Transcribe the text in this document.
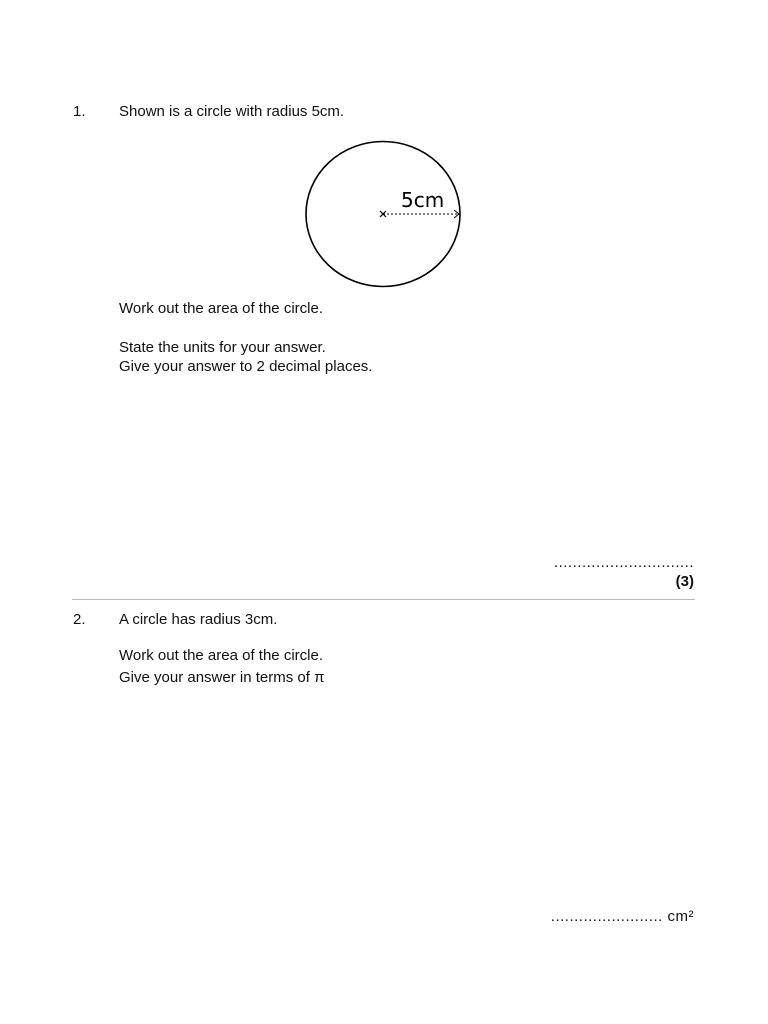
1. Shown is a circle with radius 5cm.
5cm
Work out the area of the circle.
State the units for your answer.
Give your answer to 2 decimal places.
..............................
(3)
2. A circle has radius 3cm.
Work out the area of the circle.
Give your answer in terms of π
........................ cm²
